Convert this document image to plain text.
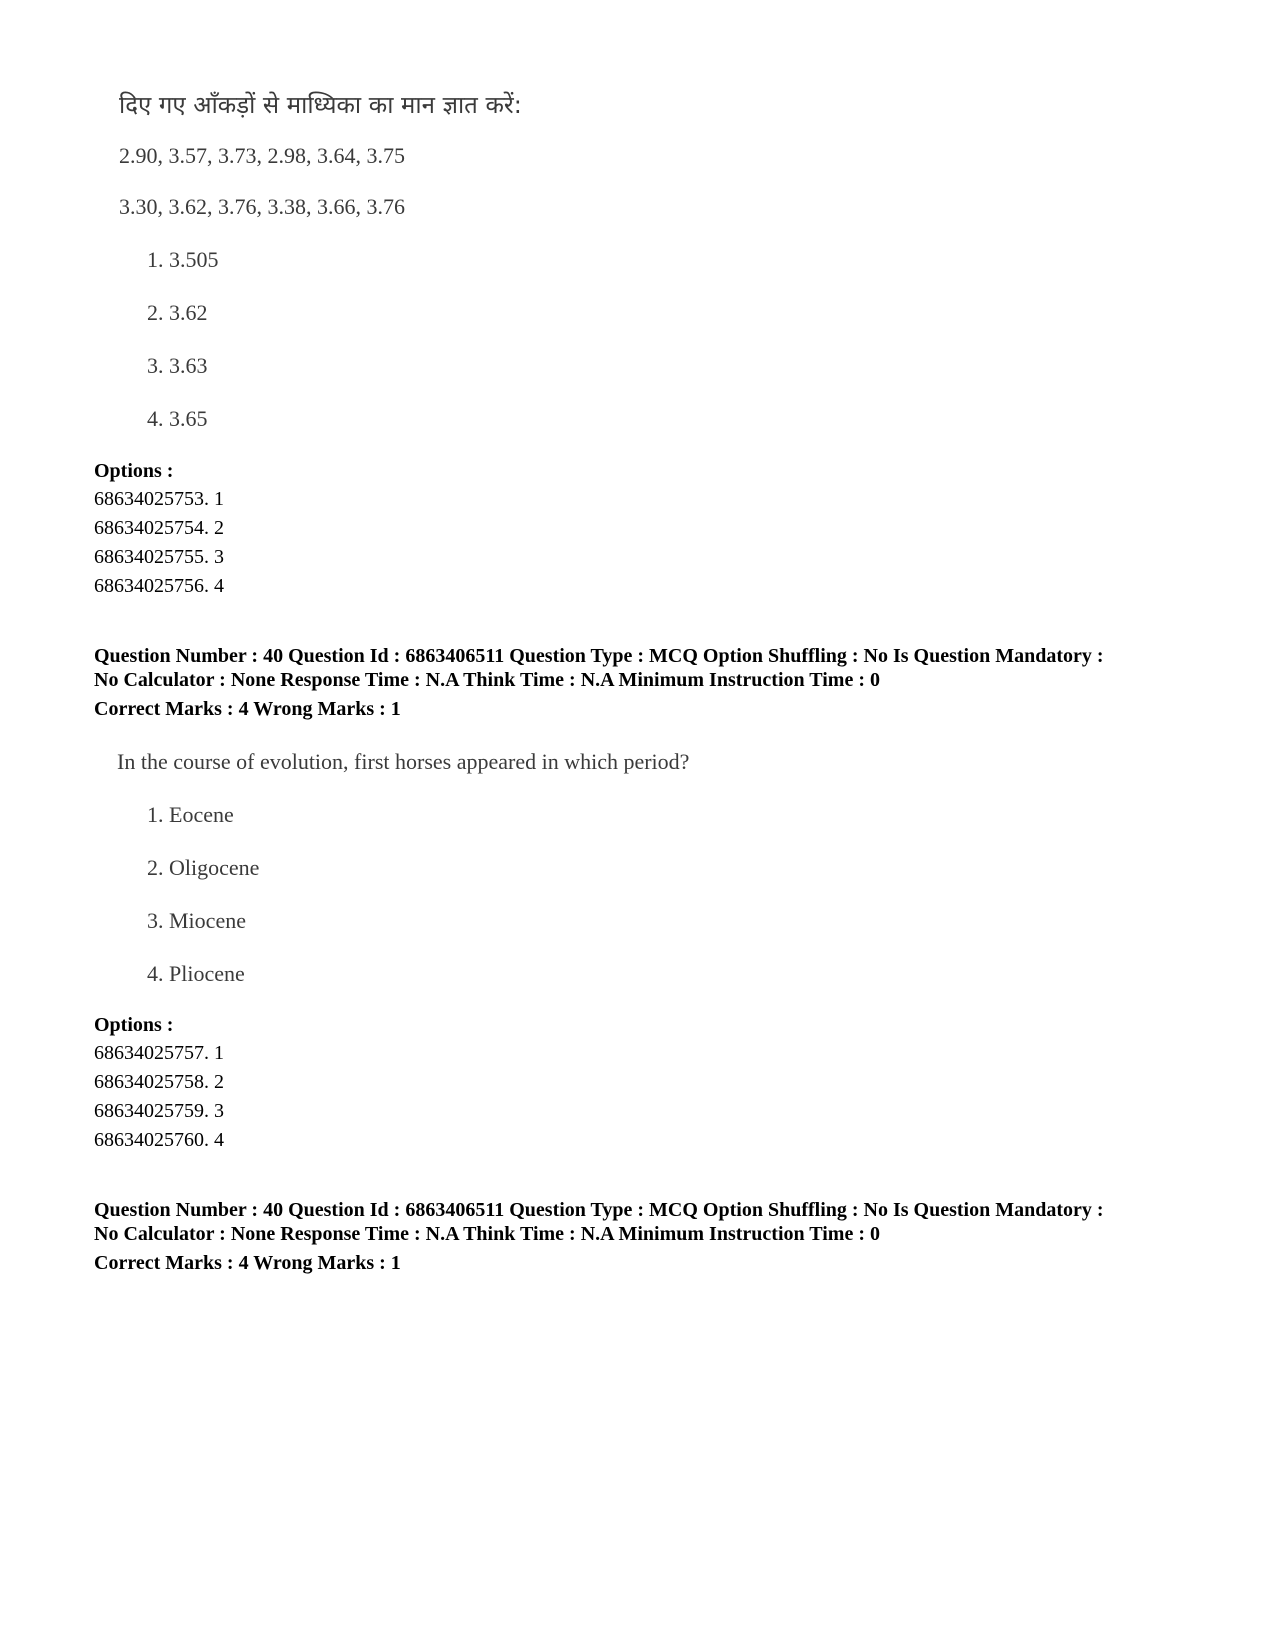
दिए गए आँकड़ों से माध्यिका का मान ज्ञात करें:
2.90, 3.57, 3.73, 2.98, 3.64, 3.75
3.30, 3.62, 3.76, 3.38, 3.66, 3.76
1. 3.505
2. 3.62
3. 3.63
4. 3.65
Options :
68634025753. 1
68634025754. 2
68634025755. 3
68634025756. 4
Question Number : 40 Question Id : 6863406511 Question Type : MCQ Option Shuffling : No Is Question Mandatory :
No Calculator : None Response Time : N.A Think Time : N.A Minimum Instruction Time : 0
Correct Marks : 4 Wrong Marks : 1
In the course of evolution, first horses appeared in which period?
1. Eocene
2. Oligocene
3. Miocene
4. Pliocene
Options :
68634025757. 1
68634025758. 2
68634025759. 3
68634025760. 4
Question Number : 40 Question Id : 6863406511 Question Type : MCQ Option Shuffling : No Is Question Mandatory :
No Calculator : None Response Time : N.A Think Time : N.A Minimum Instruction Time : 0
Correct Marks : 4 Wrong Marks : 1
